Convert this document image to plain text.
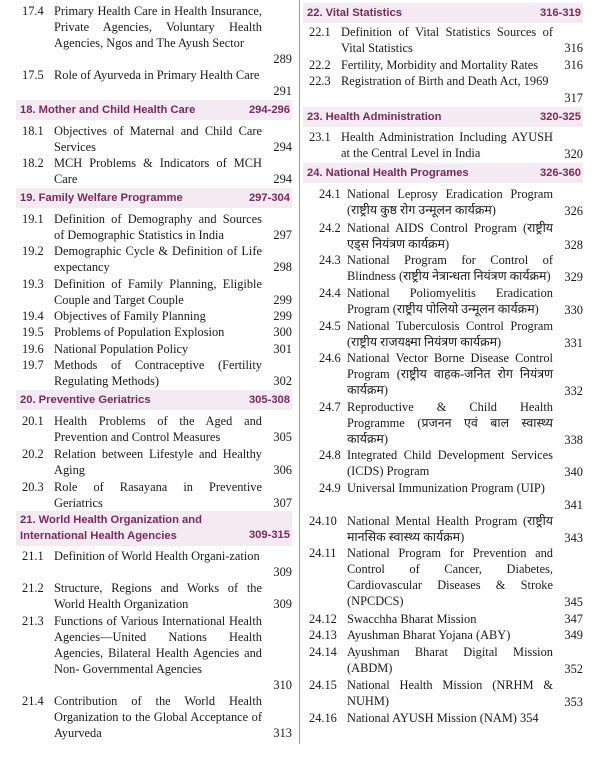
17.4 Primary Health Care in Health Insurance, Private Agencies, Voluntary Health Agencies, Ngos and The Ayush Sector
289
17.5 Role of Ayurveda in Primary Health Care
291
18. Mother and Child Health Care	294-296
18.1 Objectives of Maternal and Child Care Services	294
18.2 MCH Problems & Indicators of MCH Care	294
19. Family Welfare Programme	297-304
19.1 Definition of Demography and Sources of Demographic Statistics in India	297
19.2 Demographic Cycle & Definition of Life expectancy	298
19.3 Definition of Family Planning, Eligible Couple and Target Couple	299
19.4 Objectives of Family Planning	299
19.5 Problems of Population Explosion	300
19.6 National Population Policy	301
19.7 Methods of Contraceptive (Fertility Regulating Methods)	302
20. Preventive Geriatrics	305-308
20.1 Health Problems of the Aged and Prevention and Control Measures	305
20.2 Relation between Lifestyle and Healthy Aging	306
20.3 Role of Rasayana in Preventive Geriatrics	307
21. World Health Organization and International Health Agencies	309-315
21.1 Definition of World Health Organi-zation
309
21.2 Structure, Regions and Works of the World Health Organization	309
21.3 Functions of Various International Health Agencies—United Nations Health Agencies, Bilateral Health Agencies and Non- Governmental Agencies
310
21.4 Contribution of the World Health Organization to the Global Acceptance of Ayurveda	313
22. Vital Statistics	316-319
22.1 Definition of Vital Statistics Sources of Vital Statistics	316
22.2 Fertility, Morbidity and Mortality Rates	316
22.3 Registration of Birth and Death Act, 1969
317
23. Health Administration	320-325
23.1 Health Administration Including AYUSH at the Central Level in India	320
24. National Health Programes	326-360
24.1 National Leprosy Eradication Program (राष्ट्रीय कुष्ठ रोग उन्मूलन कार्यक्रम)	326
24.2 National AIDS Control Program (राष्ट्रीय एड्स नियंत्रण कार्यक्रम)	328
24.3 National Program for Control of Blindness (राष्ट्रीय नेत्रान्धता नियंत्रण कार्यक्रम) 329
24.4 National Poliomyelitis Eradication Program (राष्ट्रीय पोलियो उन्मूलन कार्यक्रम)	330
24.5 National Tuberculosis Control Program (राष्ट्रीय राजयक्ष्मा नियंत्रण कार्यक्रम)	331
24.6 National Vector Borne Disease Control Program (राष्ट्रीय वाहक-जनित रोग नियंत्रण कार्यक्रम)	332
24.7 Reproductive & Child Health Programme (प्रजनन एवं बाल स्वास्थ्य कार्यक्रम)	338
24.8 Integrated Child Development Services (ICDS) Program	340
24.9 Universal Immunization Program (UIP)
341
24.10 National Mental Health Program (राष्ट्रीय मानसिक स्वास्थ्य कार्यक्रम)	343
24.11 National Program for Prevention and Control of Cancer, Diabetes, Cardiovascular Diseases & Stroke (NPCDCS)	345
24.12 Swacchha Bharat Mission	347
24.13 Ayushman Bharat Yojana (ABY)	349
24.14 Ayushman Bharat Digital Mission (ABDM)	352
24.15 National Health Mission (NRHM & NUHM)	353
24.16 National AYUSH Mission (NAM) 354
